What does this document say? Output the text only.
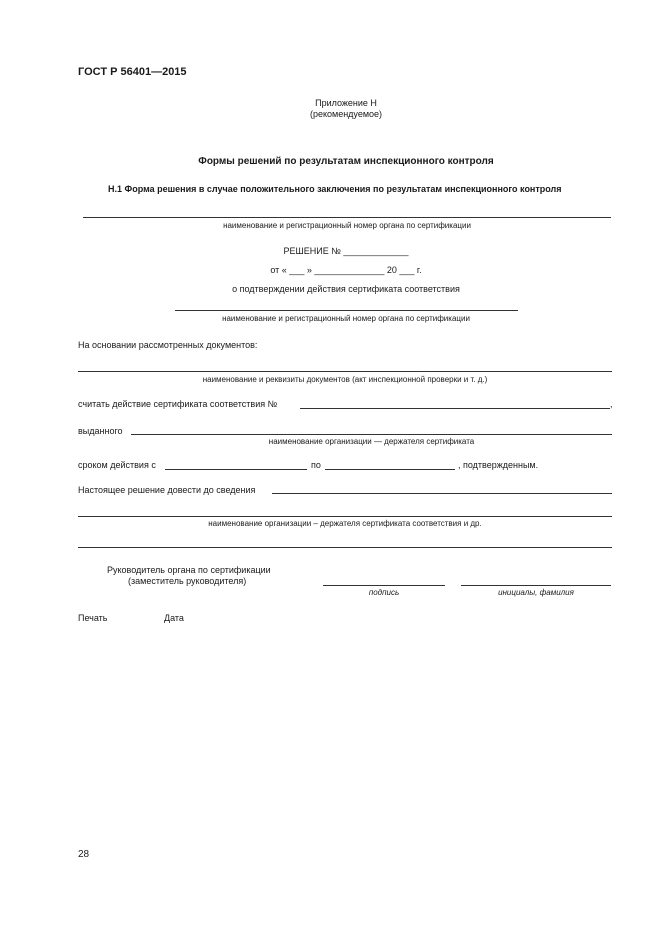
ГОСТ Р 56401—2015
Приложение Н
(рекомендуемое)
Формы решений по результатам инспекционного контроля
Н.1 Форма решения в случае положительного заключения по результатам инспекционного контроля
наименование и регистрационный номер органа по сертификации
РЕШЕНИЕ № _____________
от « ___ » ______________ 20 ___ г.
о подтверждении действия сертификата соответствия
наименование и регистрационный номер органа по сертификации
На основании рассмотренных документов:
наименование и реквизиты документов (акт инспекционной проверки и т. д.)
считать действие сертификата соответствия №	,
выданного
наименование организации — держателя сертификата
сроком действия с	по	, подтвержденным.
Настоящее решение довести до сведения
наименование организации – держателя сертификата соответствия и др.
Руководитель органа по сертификации
(заместитель руководителя)
подпись	инициалы, фамилия
Печать	Дата
28
